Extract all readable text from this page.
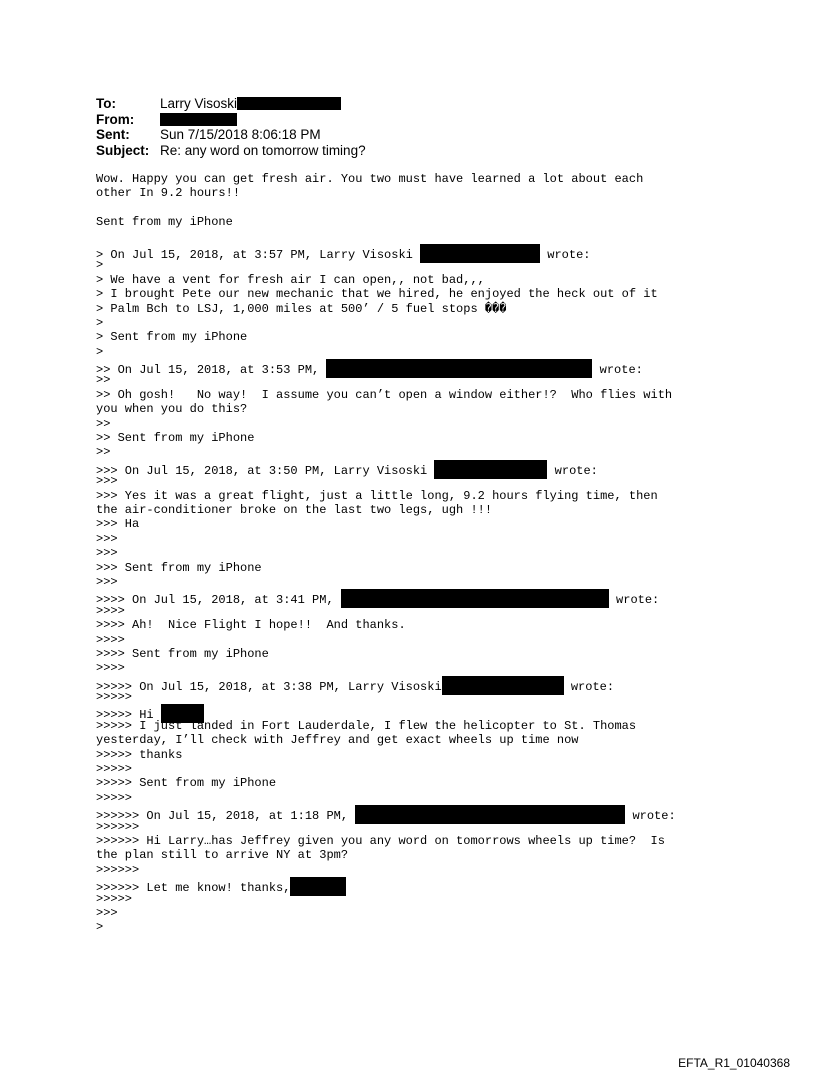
To:	Larry Visoski
From:
Sent: Sun 7/15/2018 8:06:18 PM
Subject: Re: any word on tomorrow timing?
Wow. Happy you can get fresh air. You two must have learned a lot about each
other In 9.2 hours!!
Sent from my iPhone
> On Jul 15, 2018, at 3:57 PM, Larry Visoski	wrote:
>
> We have a vent for fresh air I can open,, not bad,,,
> I brought Pete our new mechanic that we hired, he enjoyed the heck out of it
> Palm Bch to LSJ, 1,000 miles at 500’ / 5 fuel stops ���
>
> Sent from my iPhone
>
>> On Jul 15, 2018, at 3:53 PM,	wrote:
>>
>> Oh gosh!   No way!  I assume you can’t open a window either!?  Who flies with
you when you do this?
>>
>> Sent from my iPhone
>>
>>> On Jul 15, 2018, at 3:50 PM, Larry Visoski	wrote:
>>>
>>> Yes it was a great flight, just a little long, 9.2 hours flying time, then
the air-conditioner broke on the last two legs, ugh !!!
>>> Ha
>>>
>>>
>>> Sent from my iPhone
>>>
>>>> On Jul 15, 2018, at 3:41 PM,	wrote:
>>>>
>>>> Ah!  Nice Flight I hope!!  And thanks.
>>>>
>>>> Sent from my iPhone
>>>>
>>>>> On Jul 15, 2018, at 3:38 PM, Larry Visoski	wrote:
>>>>>
>>>>> Hi
>>>>> I just landed in Fort Lauderdale, I flew the helicopter to St. Thomas
yesterday, I’ll check with Jeffrey and get exact wheels up time now
>>>>> thanks
>>>>>
>>>>> Sent from my iPhone
>>>>>
>>>>>> On Jul 15, 2018, at 1:18 PM,	wrote:
>>>>>>
>>>>>> Hi Larry…has Jeffrey given you any word on tomorrows wheels up time?  Is
the plan still to arrive NY at 3pm?
>>>>>>
>>>>>> Let me know! thanks,
>>>>>
>>>
>
EFTA_R1_01040368
